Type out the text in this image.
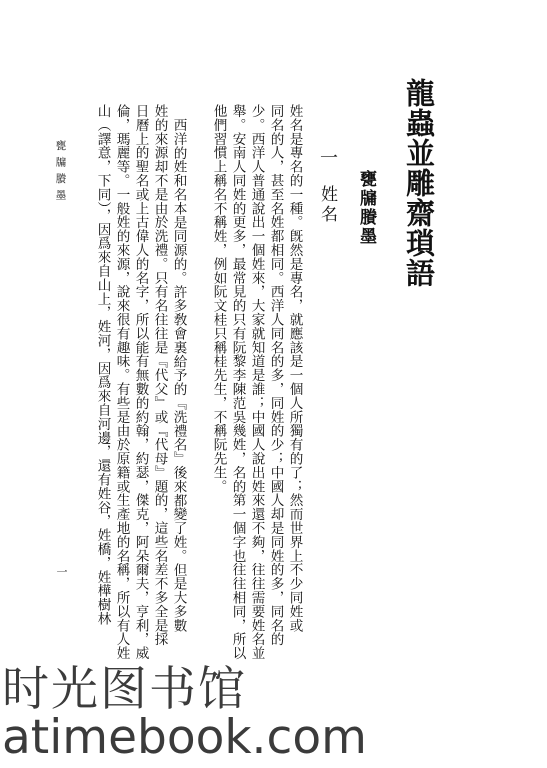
龍蟲並雕齋瑣語
甕牖賸墨
一
姓名
姓名是專名的一種。旣然是專名，就應該是一個人所獨有的了；然而世界上不少同姓或
同名的人，甚至名姓都相同。西洋人同名的多，同姓的少；中國人却是同姓的多，同名的
少。西洋人普通說出一個姓來，大家就知道是誰；中國人說出姓來還不夠，往往需要姓名並
舉。安南人同姓的更多，最常見的只有阮黎李陳范吳幾姓，名的第一個字也往往相同，所以
他們習慣上稱名不稱姓，例如阮文桂只稱桂先生，不稱阮先生。
西洋的姓和名本是同源的。許多敎會裏給予的『洗禮名』後來都變了姓。但是大多數
姓的來源却不是由於洗禮。只有名往往是『代父』或『代母』題的，這些名差不多全是採
日曆上的聖名或上古偉人的名字，所以能有無數的約翰，約瑟，傑克，阿朵爾夫，亨利，威
倫，瑪麗等。一般姓的來源，說來很有趣味。有些是由於原籍或生產地的名稱，所以有人姓
山（譯意，下同），因爲來自山上，姓河，因爲來自河邊，還有姓谷，姓橋，姓樺樹林
甕牖賸墨
一
时光图书馆
atimebook.com
